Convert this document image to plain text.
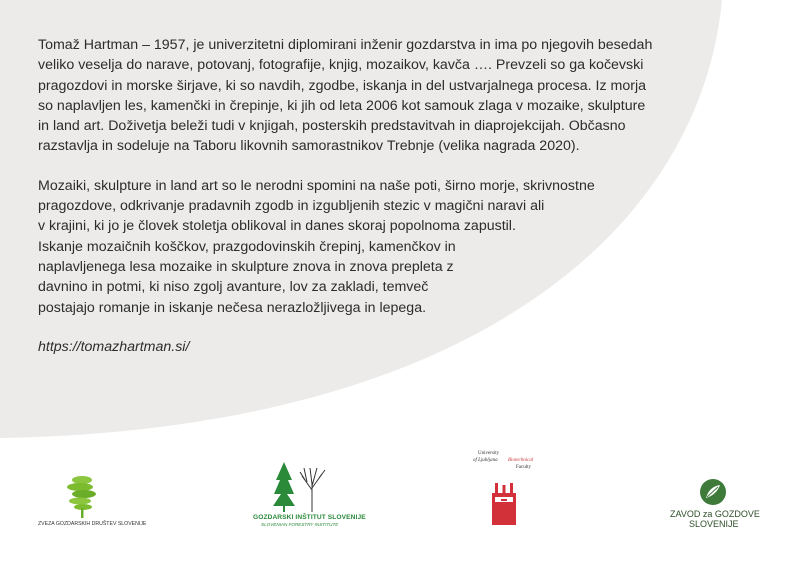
Tomaž Hartman – 1957, je univerzitetni diplomirani inženir gozdarstva in ima po njegovih besedah
veliko veselja do narave, potovanj, fotografije, knjig, mozaikov, kavča …. Prevzeli so ga kočevski
pragozdovi in morske širjave, ki so navdih, zgodbe, iskanja in del ustvarjalnega procesa. Iz morja
so naplavljen les, kamenčki in črepinje, ki jih od leta 2006 kot samouk zlaga v mozaike, skulpture
in land art. Doživetja beleži tudi v knjigah, posterskih predstavitvah in diaprojekcijah. Občasno
razstavlja in sodeluje na Taboru likovnih samorastnikov Trebnje (velika nagrada 2020).
Mozaiki, skulpture in land art so le nerodni spomini na naše poti, širno morje, skrivnostne
pragozdove, odkrivanje pradavnih zgodb in izgubljenih stezic v magični naravi ali
v krajini, ki jo je človek stoletja oblikoval in danes skoraj popolnoma zapustil.
Iskanje mozaičnih koščkov, prazgodovinskih črepinj, kamenčkov in
naplavljenega lesa mozaike in skulpture znova in znova prepleta z
davnino in potmi, ki niso zgolj avanture, lov za zakladi, temveč
postajajo romanje in iskanje nečesa nerazložljivega in lepega.
https://tomazhartman.si/
ZVEZA GOZDARSKIH DRUŠTEV SLOVENIJE
GOZDARSKI INŠTITUT SLOVENIJE
SLOVENIAN FORESTRY INSTITUTE
University
of Ljubljana Biotechnical
Faculty
ZAVOD za GOZDOVE
SLOVENIJE
